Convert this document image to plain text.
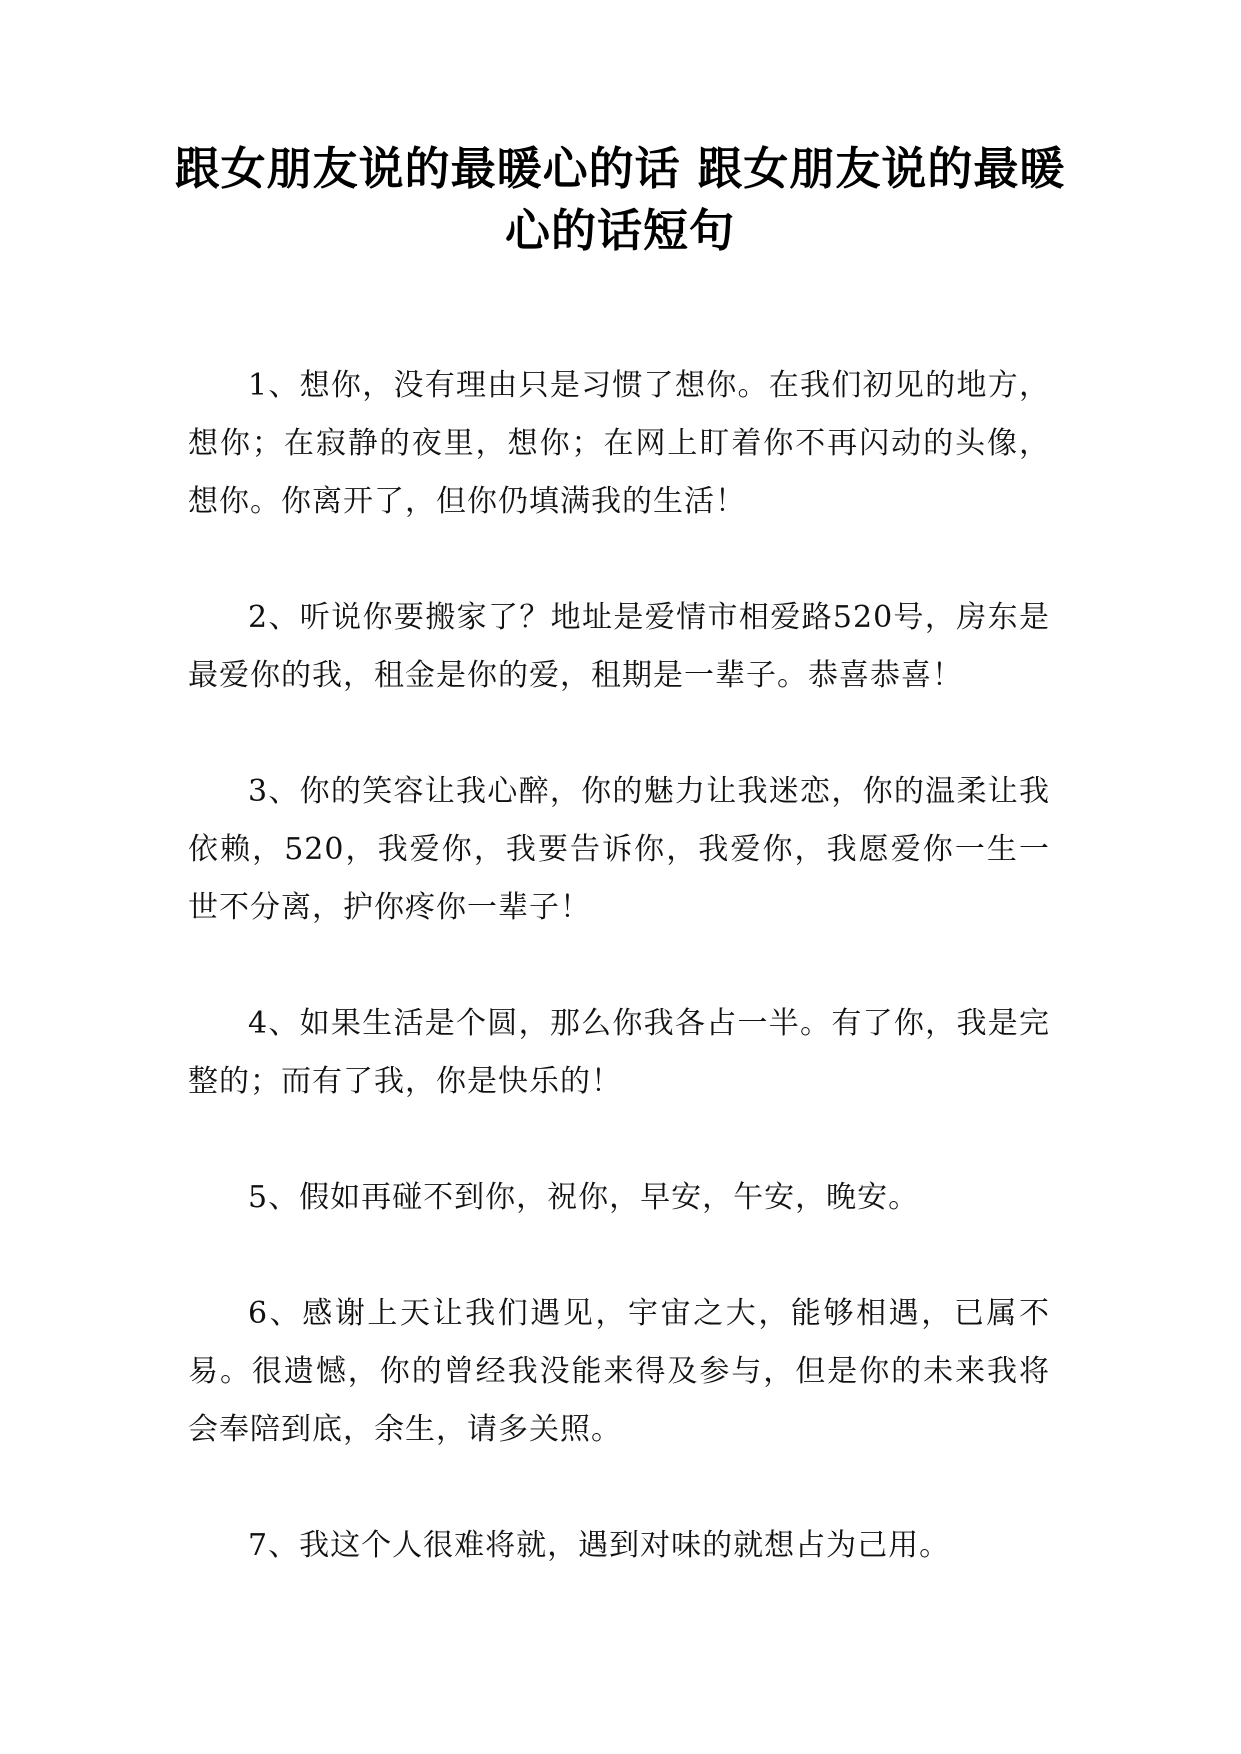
跟女朋友说的最暖心的话 跟女朋友说的最暖心的话短句

1、想你，没有理由只是习惯了想你。在我们初见的地方，想你；在寂静的夜里，想你；在网上盯着你不再闪动的头像，想你。你离开了，但你仍填满我的生活！

2、听说你要搬家了？地址是爱情市相爱路520号，房东是最爱你的我，租金是你的爱，租期是一辈子。恭喜恭喜！

3、你的笑容让我心醉，你的魅力让我迷恋，你的温柔让我依赖，520，我爱你，我要告诉你，我爱你，我愿爱你一生一世不分离，护你疼你一辈子！

4、如果生活是个圆，那么你我各占一半。有了你，我是完整的；而有了我，你是快乐的！

5、假如再碰不到你，祝你，早安，午安，晚安。

6、感谢上天让我们遇见，宇宙之大，能够相遇，已属不易。很遗憾，你的曾经我没能来得及参与，但是你的未来我将会奉陪到底，余生，请多关照。

7、我这个人很难将就，遇到对味的就想占为己用。
